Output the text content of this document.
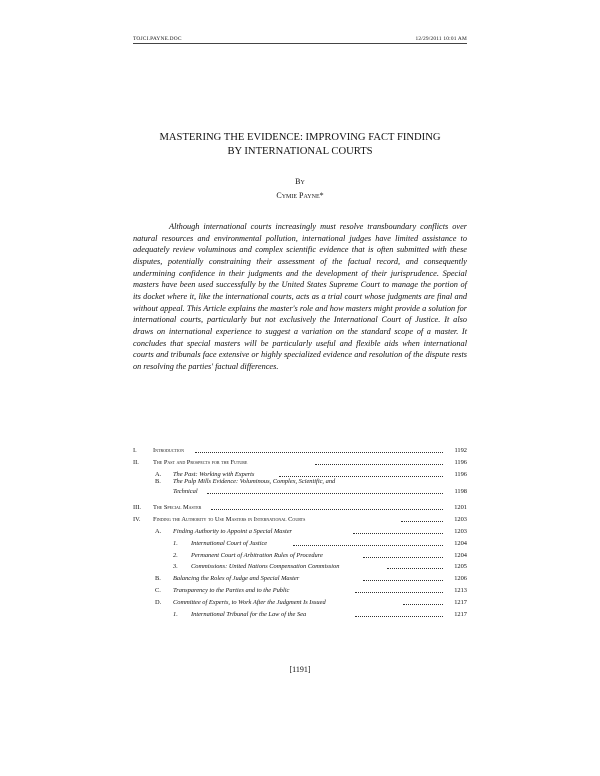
TOJCI.PAYNE.DOC	12/29/2011 10:01 AM
MASTERING THE EVIDENCE: IMPROVING FACT FINDING
BY INTERNATIONAL COURTS
By
Cymie Payne*

Although international courts increasingly must resolve transboundary conflicts over natural resources and environmental pollution, international judges have limited assistance to adequately review voluminous and complex scientific evidence that is often submitted with these disputes, potentially constraining their assessment of the factual record, and consequently undermining confidence in their judgments and the development of their jurisprudence. Special masters have been used successfully by the United States Supreme Court to manage the portion of its docket where it, like the international courts, acts as a trial court whose judgments are final and without appeal. This Article explains the master's role and how masters might provide a solution for international courts, particularly but not exclusively the International Court of Justice. It also draws on international experience to suggest a variation on the standard scope of a master. It concludes that special masters will be particularly useful and flexible aids when international courts and tribunals face extensive or highly specialized evidence and resolution of the dispute rests on resolving the parties' factual differences.

I.	Introduction	1192
II. The Past and Prospects for the Future	1196
A. The Past: Working with Experts	1196
B. The Pulp Mills Evidence: Voluminous, Complex, Scientific, and
Technical	1198
III. The Special Master	1201
IV. Finding the Authority to Use Masters in International Courts	1203
A. Finding Authority to Appoint a Special Master	1203
1. International Court of Justice	1204
2. Permanent Court of Arbitration Rules of Procedure	1204
3. Commissions: United Nations Compensation Commission	1205
B. Balancing the Roles of Judge and Special Master	1206
C. Transparency to the Parties and to the Public	1213
D. Committee of Experts, to Work After the Judgment Is Issued	1217
1. International Tribunal for the Law of the Sea	1217
[1191]
